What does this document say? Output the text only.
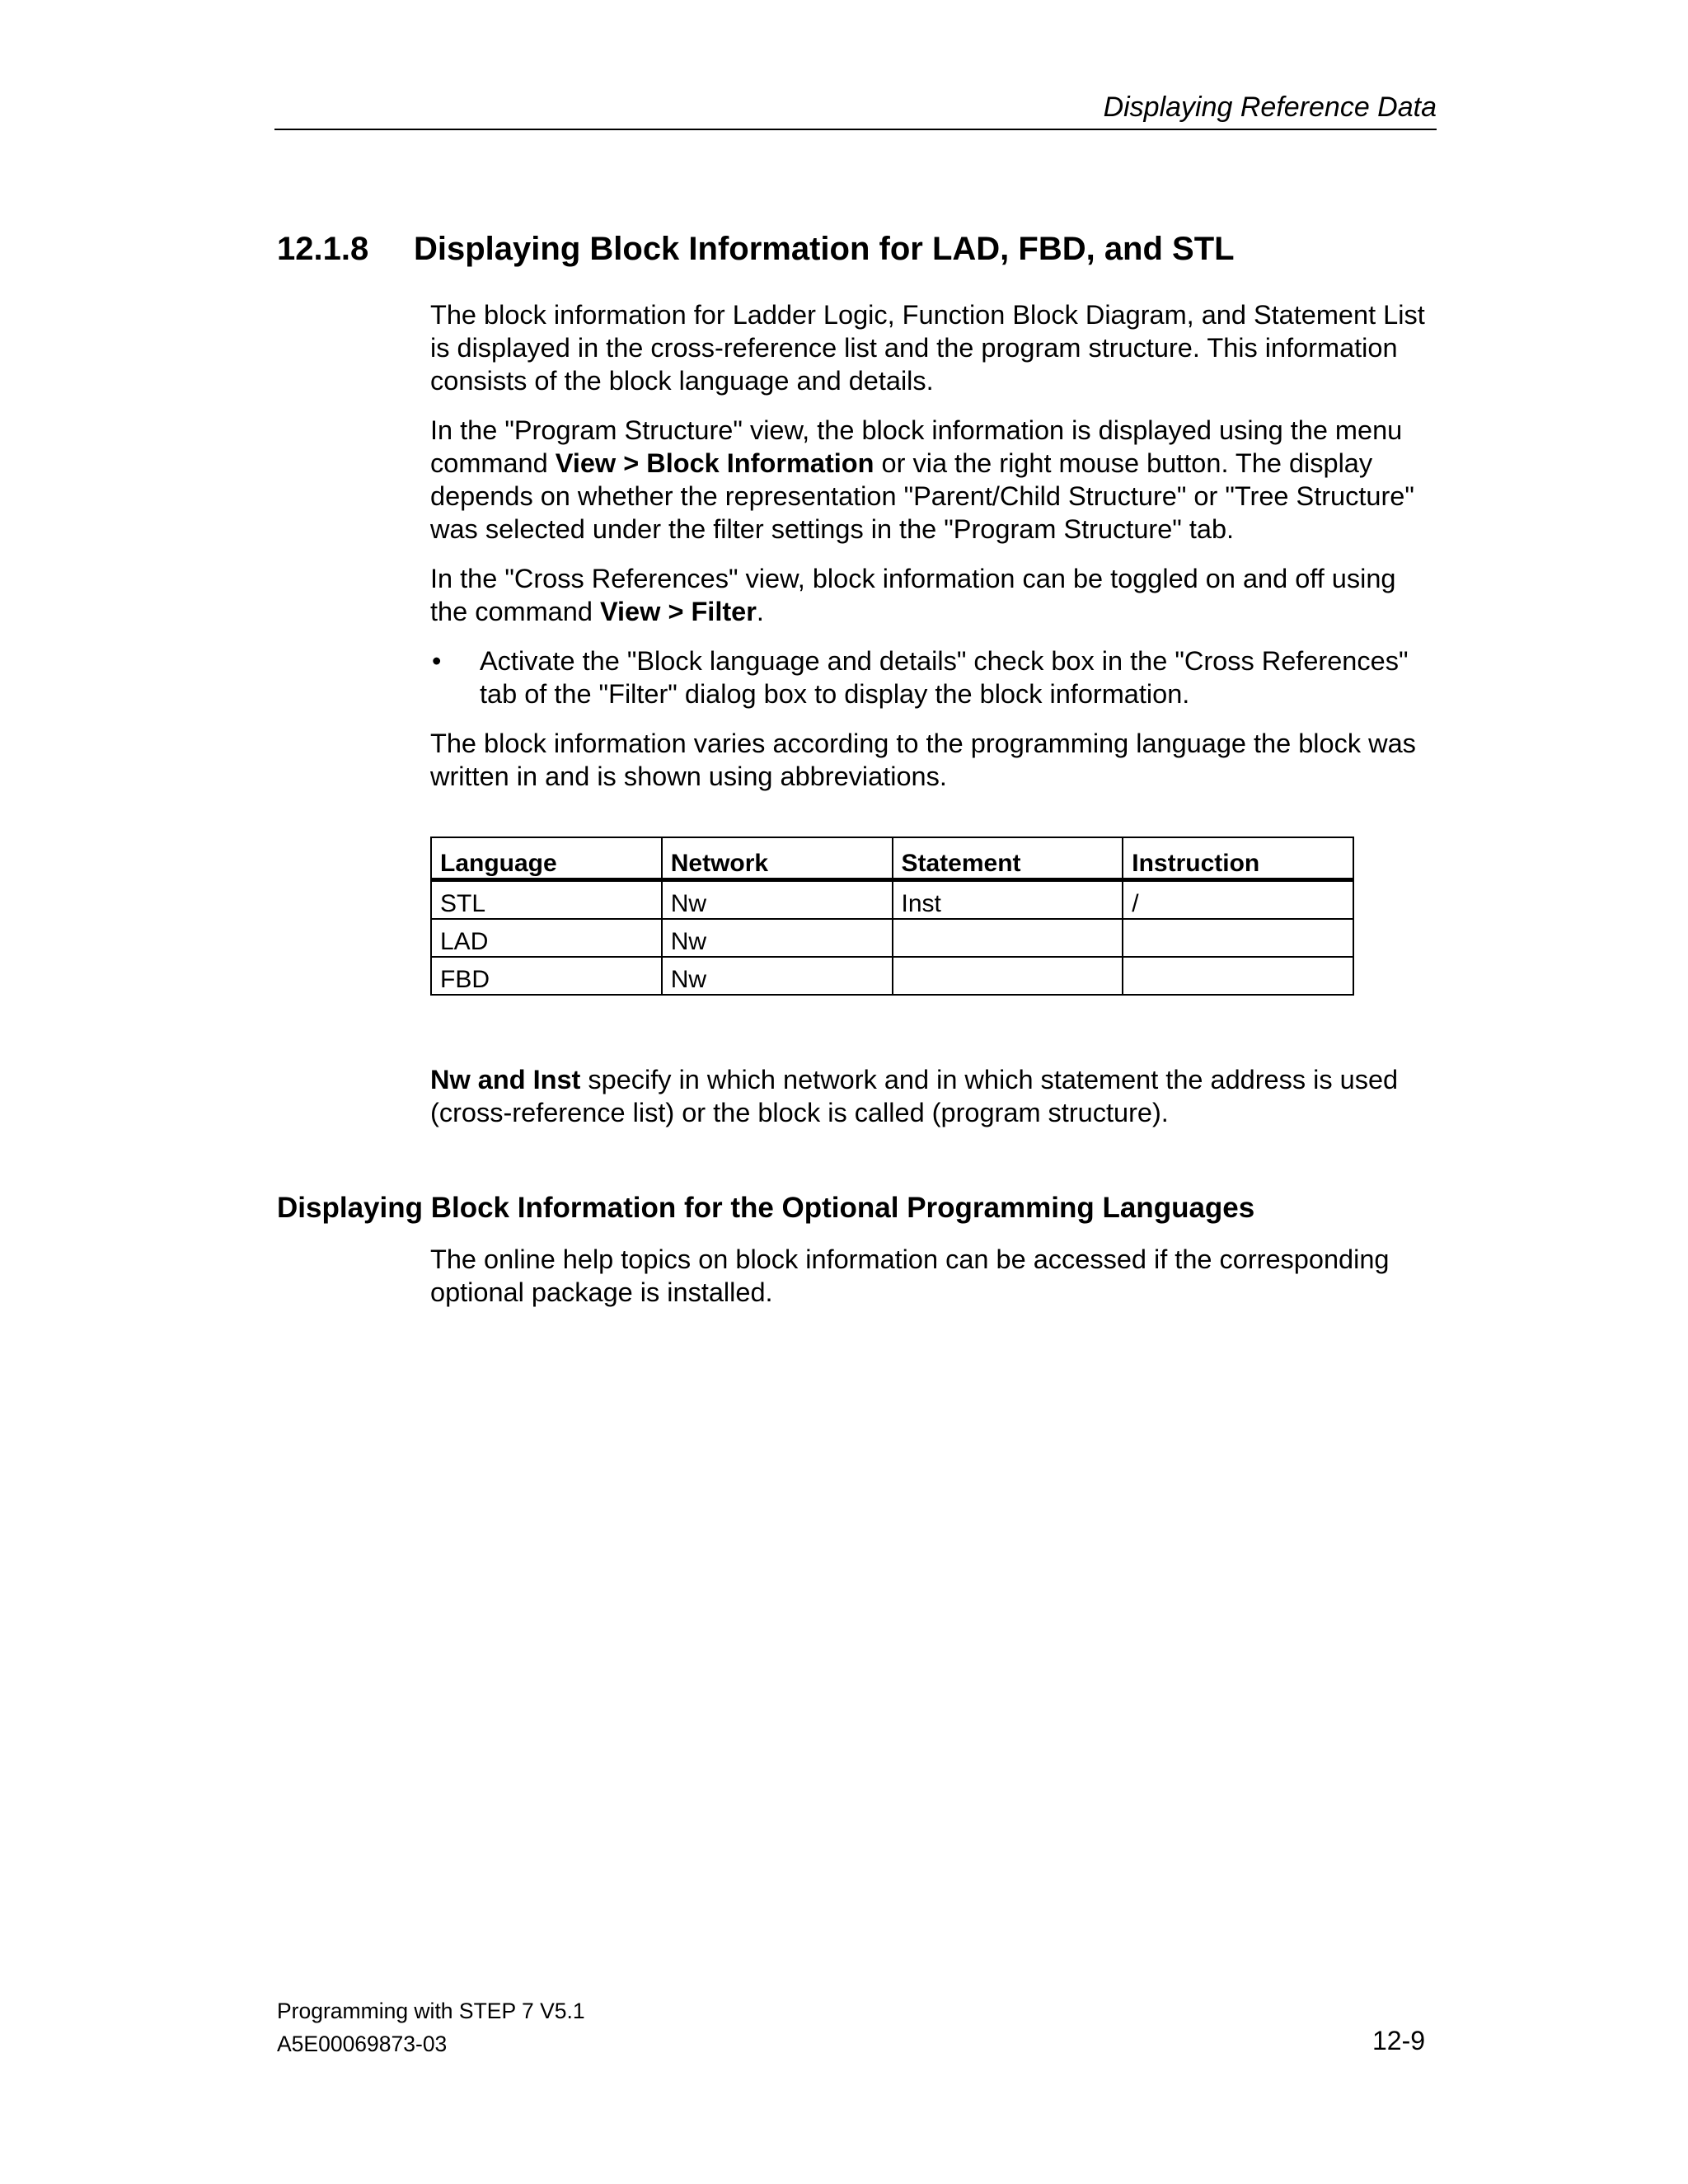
Displaying Reference Data
12.1.8 Displaying Block Information for LAD, FBD, and STL

The block information for Ladder Logic, Function Block Diagram, and Statement List is displayed in the cross-reference list and the program structure. This information consists of the block language and details.

In the "Program Structure" view, the block information is displayed using the menu command View > Block Information or via the right mouse button. The display depends on whether the representation "Parent/Child Structure" or "Tree Structure" was selected under the filter settings in the "Program Structure" tab.

In the "Cross References" view, block information can be toggled on and off using the command View > Filter.

• Activate the "Block language and details" check box in the "Cross References" tab of the "Filter" dialog box to display the block information.

The block information varies according to the programming language the block was written in and is shown using abbreviations.

Language	Network	Statement	Instruction
STL	Nw	Inst	/
LAD	Nw		
FBD	Nw		

Nw and Inst specify in which network and in which statement the address is used (cross-reference list) or the block is called (program structure).

Displaying Block Information for the Optional Programming Languages

The online help topics on block information can be accessed if the corresponding optional package is installed.

Programming with STEP 7 V5.1
A5E00069873-03	12-9
